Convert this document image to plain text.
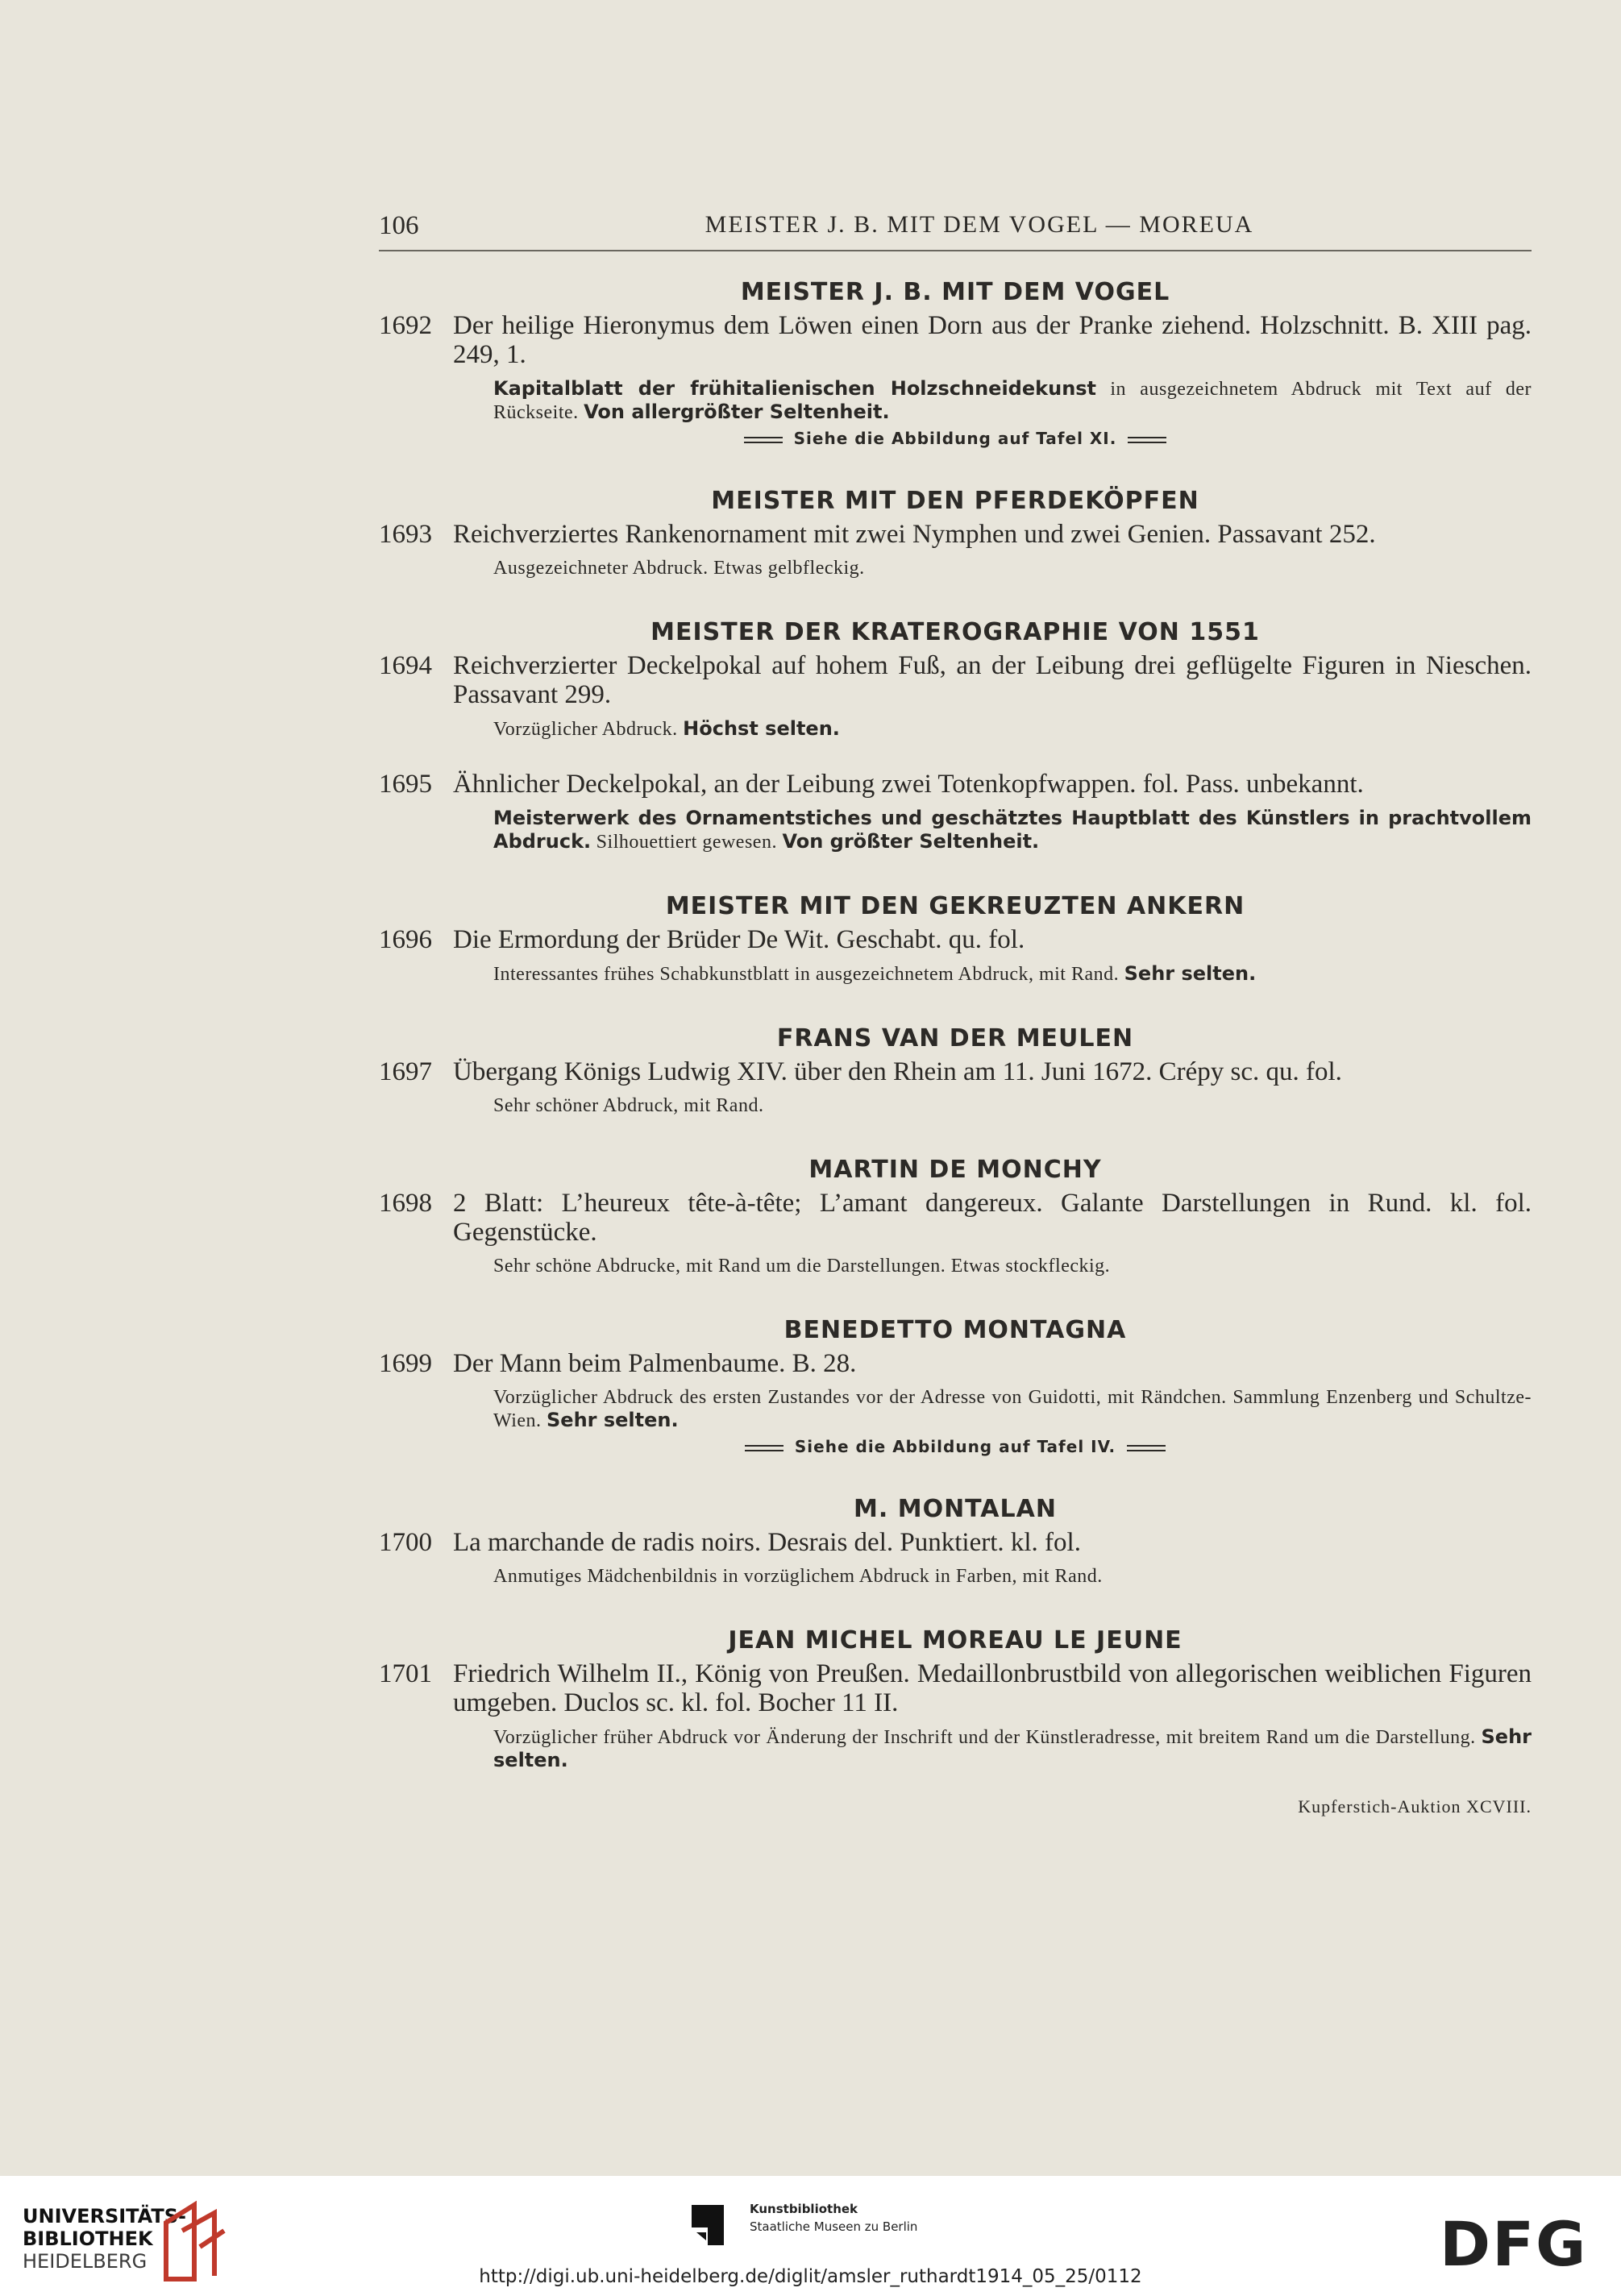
106	MEISTER J. B. MIT DEM VOGEL — MOREUA
MEISTER J. B. MIT DEM VOGEL
1692 Der heilige Hieronymus dem Löwen einen Dorn aus der Pranke ziehend. Holzschnitt. B. XIII pag. 249, 1.
Kapitalblatt der frühitalienischen Holzschneidekunst in ausgezeichnetem Abdruck mit Text auf der Rückseite. Von allergrößter Seltenheit.
Siehe die Abbildung auf Tafel XI.
MEISTER MIT DEN PFERDEKÖPFEN
1693 Reichverziertes Rankenornament mit zwei Nymphen und zwei Genien. Passavant 252.
Ausgezeichneter Abdruck. Etwas gelbfleckig.
MEISTER DER KRATEROGRAPHIE VON 1551
1694 Reichverzierter Deckelpokal auf hohem Fuß, an der Leibung drei geflügelte Figuren in Nieschen. Passavant 299.
Vorzüglicher Abdruck. Höchst selten.
1695 Ähnlicher Deckelpokal, an der Leibung zwei Totenkopfwappen. fol. Pass. unbekannt.
Meisterwerk des Ornamentstiches und geschätztes Hauptblatt des Künstlers in prachtvollem Abdruck. Silhouettiert gewesen. Von größter Seltenheit.
MEISTER MIT DEN GEKREUZTEN ANKERN
1696 Die Ermordung der Brüder De Wit. Geschabt. qu. fol.
Interessantes frühes Schabkunstblatt in ausgezeichnetem Abdruck, mit Rand. Sehr selten.
FRANS VAN DER MEULEN
1697 Übergang Königs Ludwig XIV. über den Rhein am 11. Juni 1672. Crépy sc. qu. fol.
Sehr schöner Abdruck, mit Rand.
MARTIN DE MONCHY
1698 2 Blatt: L’heureux tête-à-tête; L’amant dangereux. Galante Darstellungen in Rund. kl. fol. Gegenstücke.
Sehr schöne Abdrucke, mit Rand um die Darstellungen. Etwas stockfleckig.
BENEDETTO MONTAGNA
1699 Der Mann beim Palmenbaume. B. 28.
Vorzüglicher Abdruck des ersten Zustandes vor der Adresse von Guidotti, mit Rändchen. Sammlung Enzenberg und Schultze-Wien. Sehr selten.
Siehe die Abbildung auf Tafel IV.
M. MONTALAN
1700 La marchande de radis noirs. Desrais del. Punktiert. kl. fol.
Anmutiges Mädchenbildnis in vorzüglichem Abdruck in Farben, mit Rand.
JEAN MICHEL MOREAU LE JEUNE
1701 Friedrich Wilhelm II., König von Preußen. Medaillonbrustbild von allegorischen weiblichen Figuren umgeben. Duclos sc. kl. fol. Bocher 11 II.
Vorzüglicher früher Abdruck vor Änderung der Inschrift und der Künstleradresse, mit breitem Rand um die Darstellung. Sehr selten.
Kupferstich-Auktion XCVIII.
UNIVERSITÄTS-
BIBLIOTHEK
HEIDELBERG
Kunstbibliothek
Staatliche Museen zu Berlin	DFG
http://digi.ub.uni-heidelberg.de/diglit/amsler_ruthardt1914_05_25/0112
